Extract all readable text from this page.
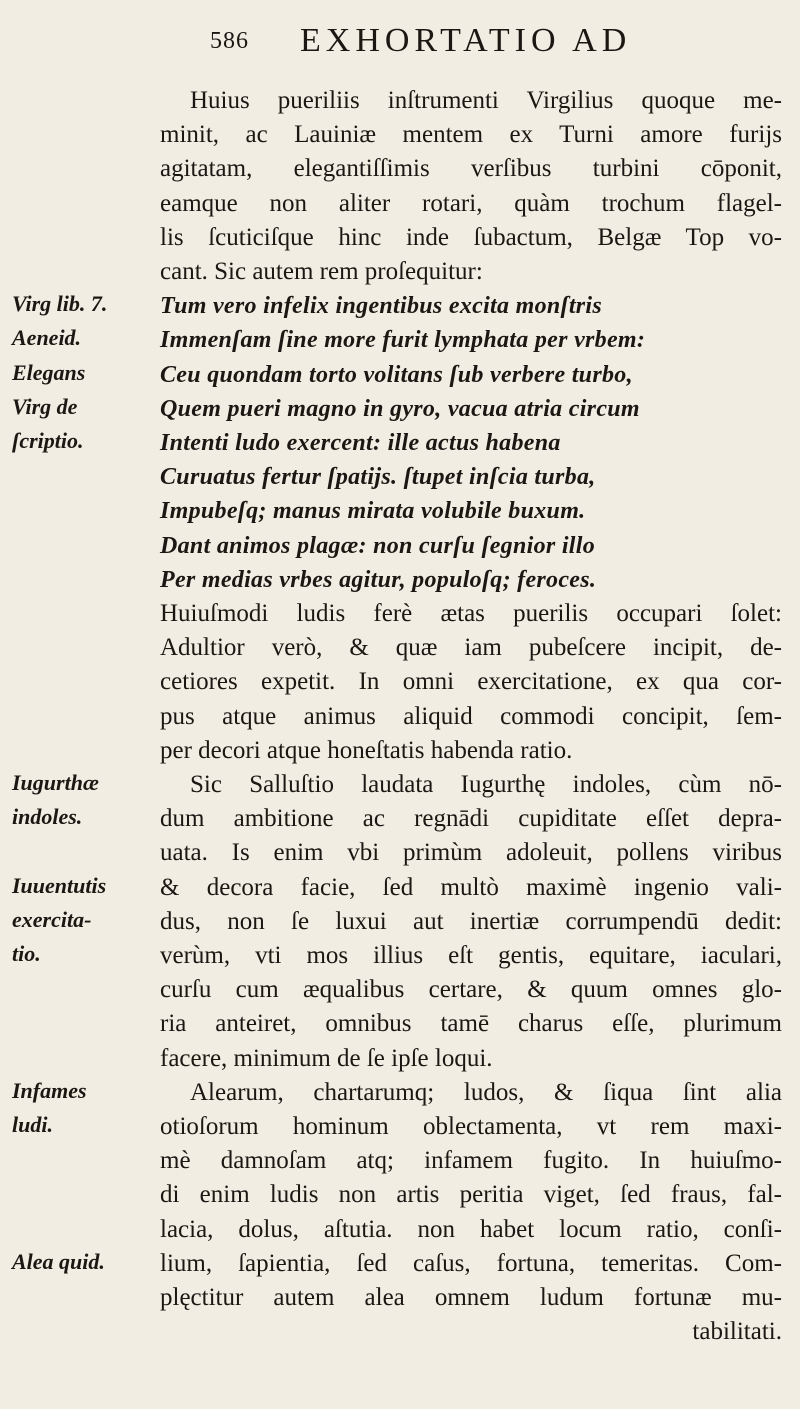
586 EXHORTATIO AD
Huius pueriliis inſtrumenti Virgilius quoque me-
minit, ac Lauiniæ mentem ex Turni amore furijs
agitatam, elegantiſſimis verſibus turbini cōponit,
eamque non aliter rotari, quàm trochum flagel-
lis ſcuticiſque hinc inde ſubactum, Belgæ Top vo-
cant. Sic autem rem proſequitur:
Tum vero infelix ingentibus excita monſtris
Immenſam ſine more furit lymphata per vrbem:
Ceu quondam torto volitans ſub verbere turbo,
Quem pueri magno in gyro, vacua atria circum
Intenti ludo exercent: ille actus habena
Curuatus fertur ſpatijs. ſtupet inſcia turba,
Impubeſq; manus mirata volubile buxum.
Dant animos plagæ: non curſu ſegnior illo
Per medias vrbes agitur, populoſq; feroces.
Huiuſmodi ludis ferè ætas puerilis occupari ſolet:
Adultior verò, & quæ iam pubeſcere incipit, de-
cetiores expetit. In omni exercitatione, ex qua cor-
pus atque animus aliquid commodi concipit, ſem-
per decori atque honeſtatis habenda ratio.
Sic Salluſtio laudata Iugurthę indoles, cùm nō-
dum ambitione ac regnādi cupiditate eſſet depra-
uata. Is enim vbi primùm adoleuit, pollens viribus
& decora facie, ſed multò maximè ingenio vali-
dus, non ſe luxui aut inertiæ corrumpendū dedit:
verùm, vti mos illius eſt gentis, equitare, iaculari,
curſu cum æqualibus certare, & quum omnes glo-
ria anteiret, omnibus tamē charus eſſe, plurimum
facere, minimum de ſe ipſe loqui.
Alearum, chartarumq; ludos, & ſiqua ſint alia
otioſorum hominum oblectamenta, vt rem maxi-
mè damnoſam atq; infamem fugito. In huiuſmo-
di enim ludis non artis peritia viget, ſed fraus, fal-
lacia, dolus, aſtutia. non habet locum ratio, conſi-
lium, ſapientia, ſed caſus, fortuna, temeritas. Com-
plęctitur autem alea omnem ludum fortunæ mu-
tabilitati.
Virg lib. 7.
Aeneid.
Elegans
Virg de
ſcriptio.
Iugurthæ
indoles.
Iuuentutis
exercita-
tio.
Infames
ludi.
Alea quid.
